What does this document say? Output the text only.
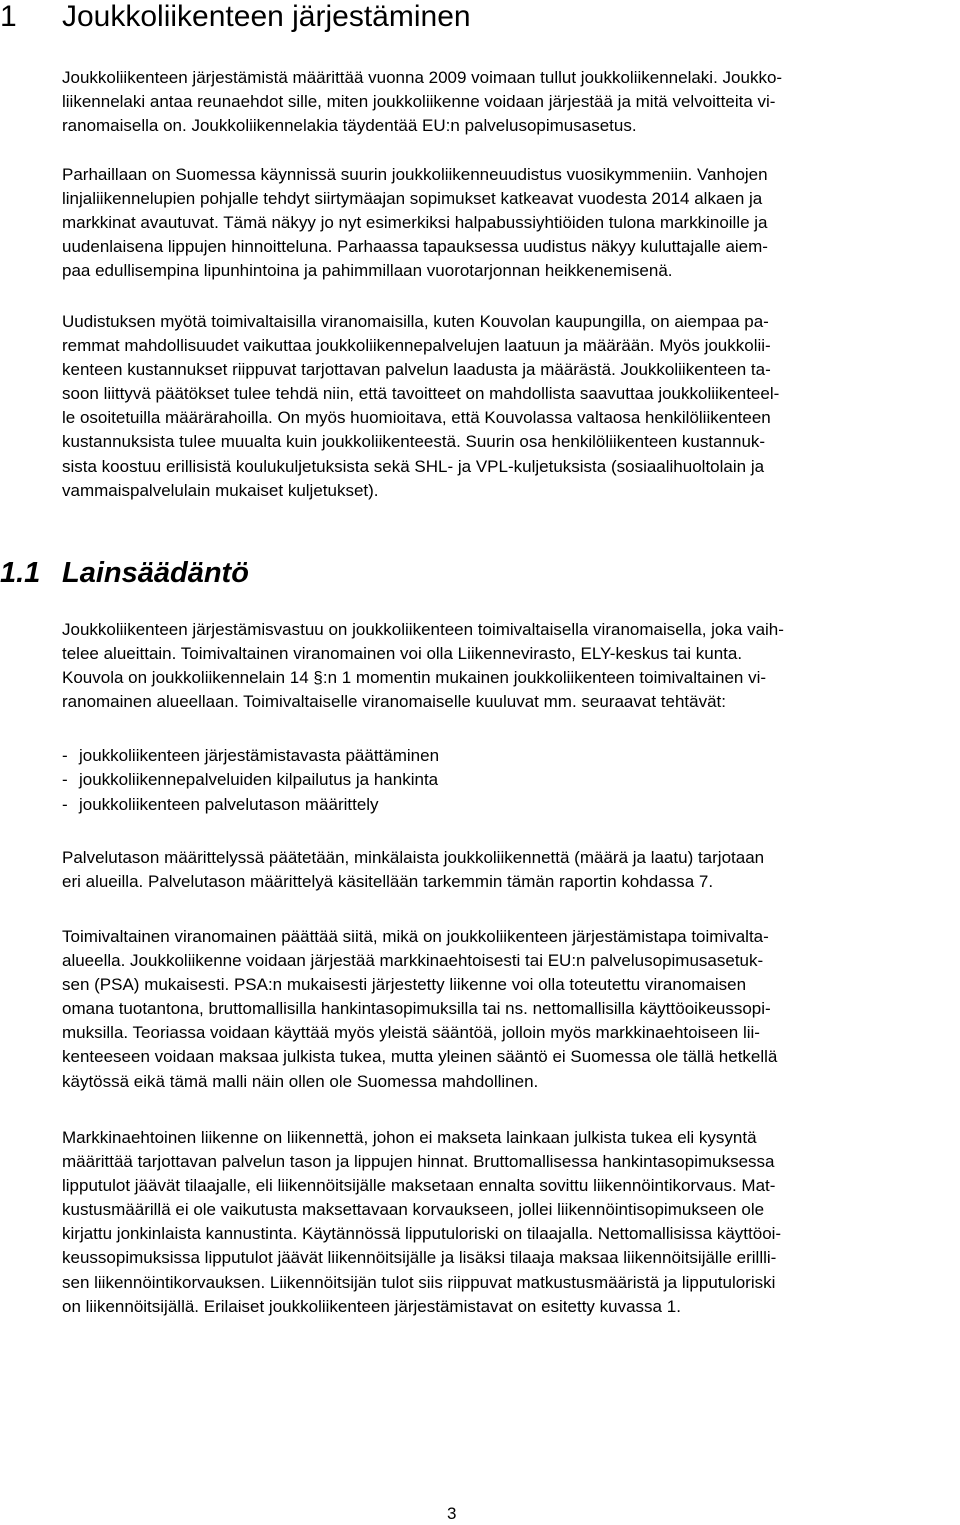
1 Joukkoliikenteen järjestäminen

Joukkoliikenteen järjestämistä määrittää vuonna 2009 voimaan tullut joukkoliikennelaki. Joukko-
liikennelaki antaa reunaehdot sille, miten joukkoliikenne voidaan järjestää ja mitä velvoitteita vi-
ranomaisella on. Joukkoliikennelakia täydentää EU:n palvelusopimusasetus.

Parhaillaan on Suomessa käynnissä suurin joukkoliikenneuudistus vuosikymmeniin. Vanhojen
linjaliikennelupien pohjalle tehdyt siirtymäajan sopimukset katkeavat vuodesta 2014 alkaen ja
markkinat avautuvat. Tämä näkyy jo nyt esimerkiksi halpabussiyhtiöiden tulona markkinoille ja
uudenlaisena lippujen hinnoitteluna. Parhaassa tapauksessa uudistus näkyy kuluttajalle aiem-
paa edullisempina lipunhintoina ja pahimmillaan vuorotarjonnan heikkenemisenä.

Uudistuksen myötä toimivaltaisilla viranomaisilla, kuten Kouvolan kaupungilla, on aiempaa pa-
remmat mahdollisuudet vaikuttaa joukkoliikennepalvelujen laatuun ja määrään. Myös joukkolii-
kenteen kustannukset riippuvat tarjottavan palvelun laadusta ja määrästä. Joukkoliikenteen ta-
soon liittyvä päätökset tulee tehdä niin, että tavoitteet on mahdollista saavuttaa joukkoliikenteel-
le osoitetuilla määrärahoilla. On myös huomioitava, että Kouvolassa valtaosa henkilöliikenteen
kustannuksista tulee muualta kuin joukkoliikenteestä. Suurin osa henkilöliikenteen kustannuk-
sista koostuu erillisistä koulukuljetuksista sekä SHL- ja VPL-kuljetuksista (sosiaalihuoltolain ja
vammaispalvelulain mukaiset kuljetukset).

1.1 Lainsäädäntö

Joukkoliikenteen järjestämisvastuu on joukkoliikenteen toimivaltaisella viranomaisella, joka vaih-
telee alueittain. Toimivaltainen viranomainen voi olla Liikennevirasto, ELY-keskus tai kunta.
Kouvola on joukkoliikennelain 14 §:n 1 momentin mukainen joukkoliikenteen toimivaltainen vi-
ranomainen alueellaan. Toimivaltaiselle viranomaiselle kuuluvat mm. seuraavat tehtävät:

- joukkoliikenteen järjestämistavasta päättäminen
- joukkoliikennepalveluiden kilpailutus ja hankinta
- joukkoliikenteen palvelutason määrittely

Palvelutason määrittelyssä päätetään, minkälaista joukkoliikennettä (määrä ja laatu) tarjotaan
eri alueilla. Palvelutason määrittelyä käsitellään tarkemmin tämän raportin kohdassa 7.

Toimivaltainen viranomainen päättää siitä, mikä on joukkoliikenteen järjestämistapa toimivalta-
alueella. Joukkoliikenne voidaan järjestää markkinaehtoisesti tai EU:n palvelusopimusasetuk-
sen (PSA) mukaisesti. PSA:n mukaisesti järjestetty liikenne voi olla toteutettu viranomaisen
omana tuotantona, bruttomallisilla hankintasopimuksilla tai ns. nettomallisilla käyttöoikeussopi-
muksilla. Teoriassa voidaan käyttää myös yleistä sääntöä, jolloin myös markkinaehtoiseen lii-
kenteeseen voidaan maksaa julkista tukea, mutta yleinen sääntö ei Suomessa ole tällä hetkellä
käytössä eikä tämä malli näin ollen ole Suomessa mahdollinen.

Markkinaehtoinen liikenne on liikennettä, johon ei makseta lainkaan julkista tukea eli kysyntä
määrittää tarjottavan palvelun tason ja lippujen hinnat. Bruttomallisessa hankintasopimuksessa
lipputulot jäävät tilaajalle, eli liikennöitsijälle maksetaan ennalta sovittu liikennöintikorvaus. Mat-
kustusmäärillä ei ole vaikutusta maksettavaan korvaukseen, jollei liikennöintisopimukseen ole
kirjattu jonkinlaista kannustinta. Käytännössä lipputuloriski on tilaajalla. Nettomallisissa käyttöoi-
keussopimuksissa lipputulot jäävät liikennöitsijälle ja lisäksi tilaaja maksaa liikennöitsijälle erillli-
sen liikennöintikorvauksen. Liikennöitsijän tulot siis riippuvat matkustusmääristä ja lipputuloriski
on liikennöitsijällä. Erilaiset joukkoliikenteen järjestämistavat on esitetty kuvassa 1.

3
